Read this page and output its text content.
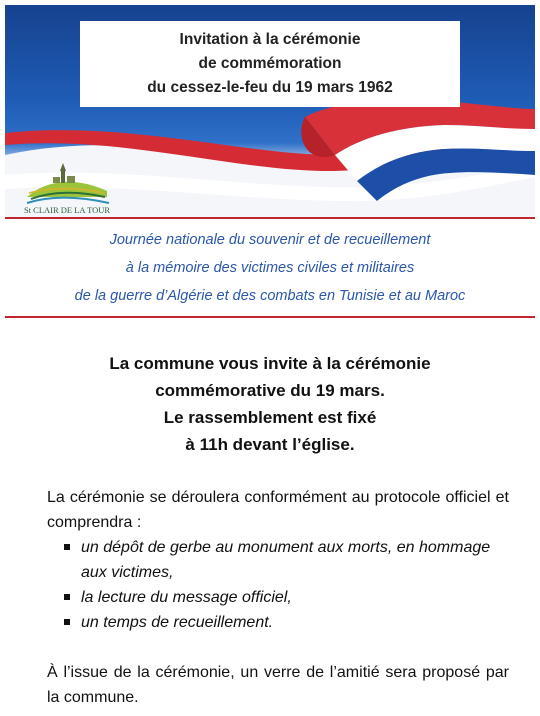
Invitation à la cérémonie
de commémoration
du cessez-le-feu du 19 mars 1962
St CLAIR DE LA TOUR
Journée nationale du souvenir et de recueillement
à la mémoire des victimes civiles et militaires
de la guerre d’Algérie et des combats en Tunisie et au Maroc
La commune vous invite à la cérémonie
commémorative du 19 mars.
Le rassemblement est fixé
à 11h devant l’église.
La cérémonie se déroulera conformément au protocole officiel et comprendra :
un dépôt de gerbe au monument aux morts, en hommage aux victimes,
la lecture du message officiel,
un temps de recueillement.
À l’issue de la cérémonie, un verre de l’amitié sera proposé par la commune.
